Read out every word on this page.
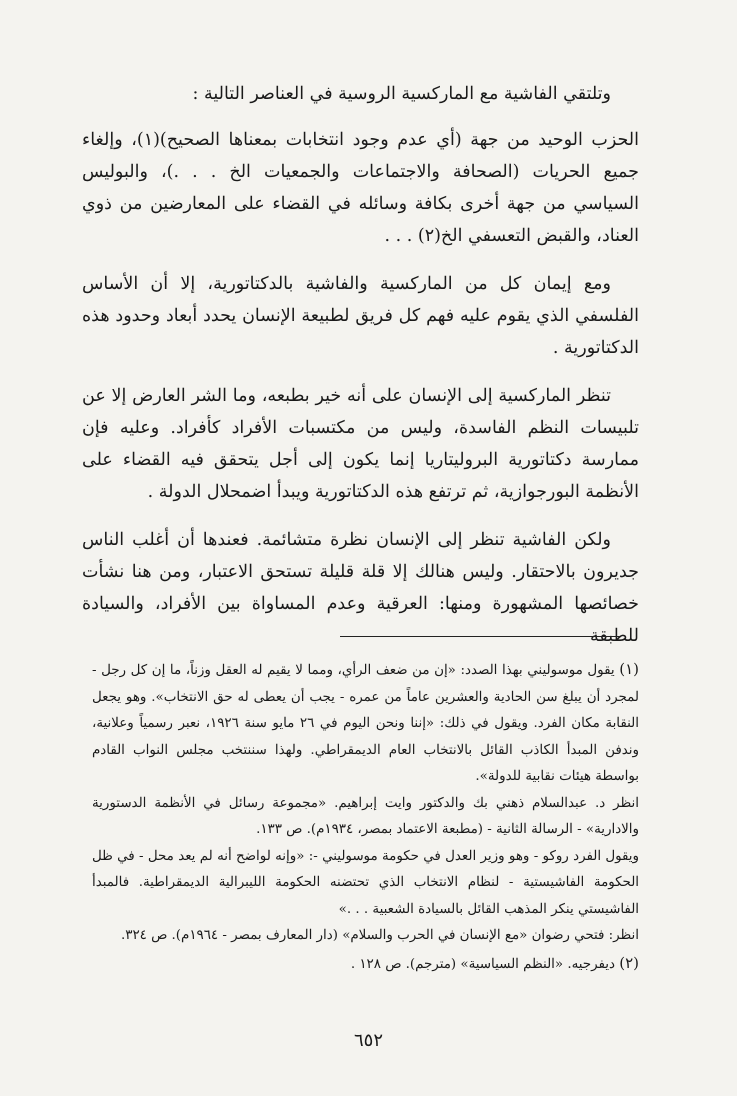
وتلتقي الفاشية مع الماركسية الروسية في العناصر التالية :

الحزب الوحيد من جهة (أي عدم وجود انتخابات بمعناها الصحيح)(١)، وإلغاء جميع الحريات (الصحافة والاجتماعات والجمعيات الخ . . .)، والبوليس السياسي من جهة أخرى بكافة وسائله في القضاء على المعارضين من ذوي العناد، والقبض التعسفي الخ(٢) . . .

ومع إيمان كل من الماركسية والفاشية بالدكتاتورية، إلا أن الأساس الفلسفي الذي يقوم عليه فهم كل فريق لطبيعة الإنسان يحدد أبعاد وحدود هذه الدكتاتورية .

تنظر الماركسية إلى الإنسان على أنه خير بطبعه، وما الشر العارض إلا عن تلبيسات النظم الفاسدة، وليس من مكتسبات الأفراد كأفراد. وعليه فإن ممارسة دكتاتورية البروليتاريا إنما يكون إلى أجل يتحقق فيه القضاء على الأنظمة البورجوازية، ثم ترتفع هذه الدكتاتورية ويبدأ اضمحلال الدولة .

ولكن الفاشية تنظر إلى الإنسان نظرة متشائمة. فعندها أن أغلب الناس جديرون بالاحتقار. وليس هنالك إلا قلة قليلة تستحق الاعتبار، ومن هنا نشأت خصائصها المشهورة ومنها: العرقية وعدم المساواة بين الأفراد، والسيادة للطبقة

(١) يقول موسوليني بهذا الصدد: «إن من ضعف الرأي، ومما لا يقيم له العقل وزناً، ما إن كل رجل - لمجرد أن يبلغ سن الحادية والعشرين عاماً من عمره - يجب أن يعطى له حق الانتخاب». وهو يجعل النقابة مكان الفرد. ويقول في ذلك: «إننا ونحن اليوم في ٢٦ مايو سنة ١٩٢٦، نعبر رسمياً وعلانية، وندفن المبدأ الكاذب القائل بالانتخاب العام الديمقراطي. ولهذا سننتخب مجلس النواب القادم بواسطة هيئات نقابية للدولة».

انظر د. عبدالسلام ذهني بك والدكتور وايت إبراهيم. «مجموعة رسائل في الأنظمة الدستورية والادارية» - الرسالة الثانية - (مطبعة الاعتماد بمصر، ١٩٣٤م). ص ١٣٣.

ويقول الفرد روكو - وهو وزير العدل في حكومة موسوليني -: «وإنه لواضح أنه لم يعد محل - في ظل الحكومة الفاشيستية - لنظام الانتخاب الذي تحتضنه الحكومة الليبرالية الديمقراطية. فالمبدأ الفاشيستي ينكر المذهب القائل بالسيادة الشعبية . . .»

انظر: فتحي رضوان «مع الإنسان في الحرب والسلام» (دار المعارف بمصر - ١٩٦٤م). ص ٣٢٤.

(٢) ديفرجيه. «النظم السياسية» (مترجم). ص ١٢٨ .

٦٥٢
